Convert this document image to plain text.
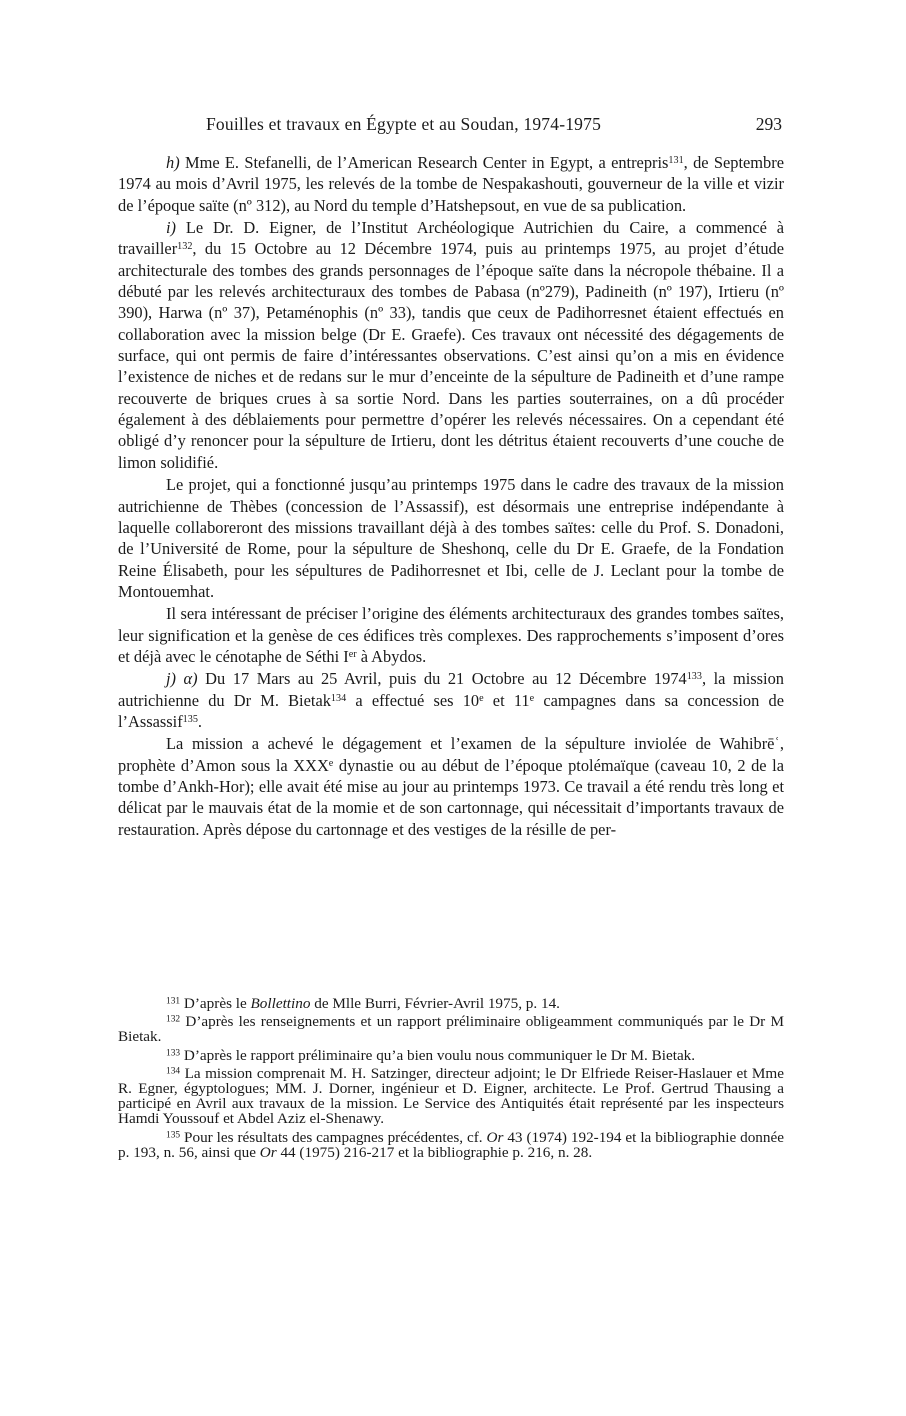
Fouilles et travaux en Égypte et au Soudan, 1974-1975	293

h) Mme E. Stefanelli, de l’American Research Center in Egypt, a entrepris$^{131}$, de Septembre 1974 au mois d’Avril 1975, les relevés de la tombe de Nespakashouti, gouverneur de la ville et vizir de l’époque saïte (nº 312), au Nord du temple d’Hatshepsout, en vue de sa publication.

i) Le Dr. D. Eigner, de l’Institut Archéologique Autrichien du Caire, a commencé à travailler$^{132}$, du 15 Octobre au 12 Décembre 1974, puis au printemps 1975, au projet d’étude architecturale des tombes des grands personnages de l’époque saïte dans la nécropole thébaine. Il a débuté par les relevés architecturaux des tombes de Pabasa (nº279), Padineith (nº 197), Irtieru (nº 390), Harwa (nº 37), Petaménophis (nº 33), tandis que ceux de Padihorresnet étaient effectués en collaboration avec la mission belge (Dr E. Graefe). Ces travaux ont nécessité des dégagements de surface, qui ont permis de faire d’intéressantes observations. C’est ainsi qu’on a mis en évidence l’existence de niches et de redans sur le mur d’enceinte de la sépulture de Padineith et d’une rampe recouverte de briques crues à sa sortie Nord. Dans les parties souterraines, on a dû procéder également à des déblaiements pour permettre d’opérer les relevés nécessaires. On a cependant été obligé d’y renoncer pour la sépulture de Irtieru, dont les détritus étaient recouverts d’une couche de limon solidifié.

Le projet, qui a fonctionné jusqu’au printemps 1975 dans le cadre des travaux de la mission autrichienne de Thèbes (concession de l’Assassif), est désormais une entreprise indépendante à laquelle collaboreront des missions travaillant déjà à des tombes saïtes: celle du Prof. S. Donadoni, de l’Université de Rome, pour la sépulture de Sheshonq, celle du Dr E. Graefe, de la Fondation Reine Élisabeth, pour les sépultures de Padihorresnet et Ibi, celle de J. Leclant pour la tombe de Montouemhat.

Il sera intéressant de préciser l’origine des éléments architecturaux des grandes tombes saïtes, leur signification et la genèse de ces édifices très complexes. Des rapprochements s’imposent d’ores et déjà avec le cénotaphe de Séthi Ier à Abydos.

j) α) Du 17 Mars au 25 Avril, puis du 21 Octobre au 12 Décembre 1974$^{133}$, la mission autrichienne du Dr M. Bietak$^{134}$ a effectué ses 10e et 11e campagnes dans sa concession de l’Assassif$^{135}$.

La mission a achevé le dégagement et l’examen de la sépulture inviolée de Wahibrēʿ, prophète d’Amon sous la XXXe dynastie ou au début de l’époque ptolémaïque (caveau 10, 2 de la tombe d’Ankh-Hor); elle avait été mise au jour au printemps 1973. Ce travail a été rendu très long et délicat par le mauvais état de la momie et de son cartonnage, qui nécessitait d’importants travaux de restauration. Après dépose du cartonnage et des vestiges de la résille de per-

$^{131}$ D’après le Bollettino de Mlle Burri, Février-Avril 1975, p. 14.

$^{132}$ D’après les renseignements et un rapport préliminaire obligeamment communiqués par le Dr M Bietak.

$^{133}$ D’après le rapport préliminaire qu’a bien voulu nous communiquer le Dr M. Bietak.

$^{134}$ La mission comprenait M. H. Satzinger, directeur adjoint; le Dr Elfriede Reiser-Haslauer et Mme R. Egner, égyptologues; MM. J. Dorner, ingénieur et D. Eigner, architecte. Le Prof. Gertrud Thausing a participé en Avril aux travaux de la mission. Le Service des Antiquités était représenté par les inspecteurs Hamdi Youssouf et Abdel Aziz el-Shenawy.

$^{135}$ Pour les résultats des campagnes précédentes, cf. Or 43 (1974) 192-194 et la bibliographie donnée p. 193, n. 56, ainsi que Or 44 (1975) 216-217 et la bibliographie p. 216, n. 28.
